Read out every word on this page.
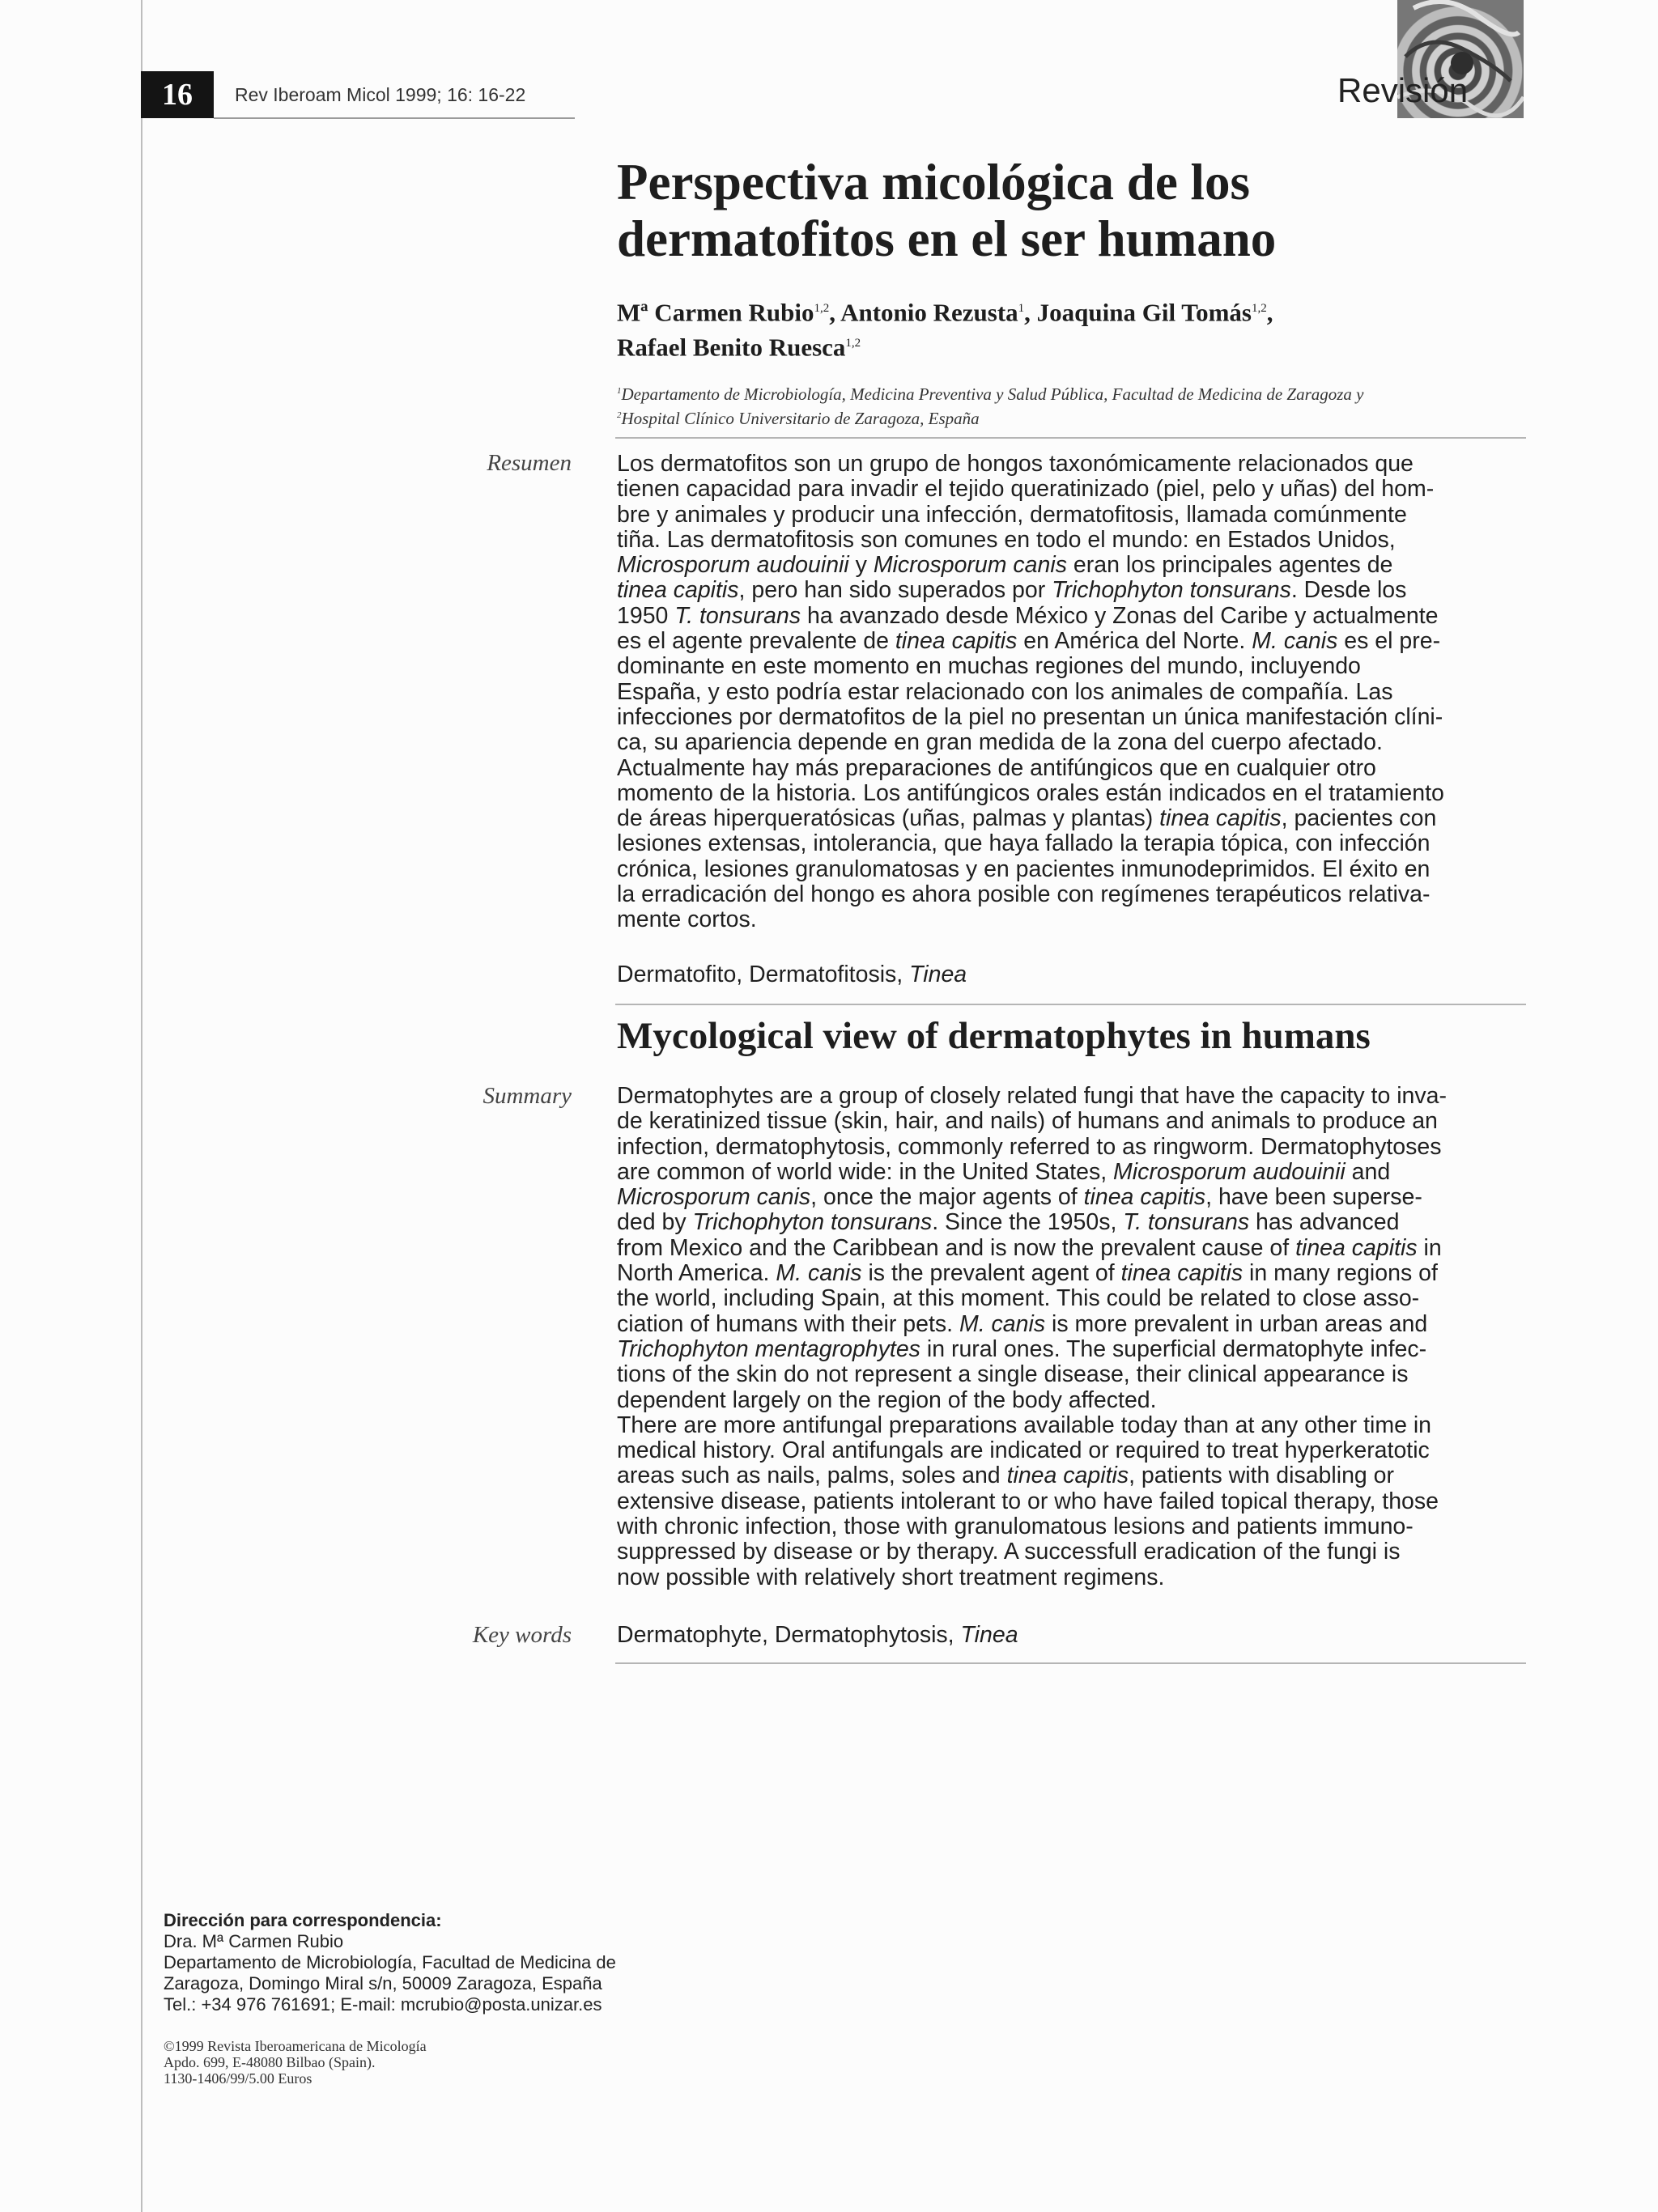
16	Rev Iberoam Micol 1999; 16: 16-22	Revisión
Perspectiva micológica de los
dermatofitos en el ser humano
Mª Carmen Rubio$^{1,2}$, Antonio Rezusta$^1$, Joaquina Gil Tomás$^{1,2}$,
Rafael Benito Ruesca$^{1,2}$
$^1$Departamento de Microbiología, Medicina Preventiva y Salud Pública, Facultad de Medicina de Zaragoza y
$^2$Hospital Clínico Universitario de Zaragoza, España
Resumen Los dermatofitos son un grupo de hongos taxonómicamente relacionados que
tienen capacidad para invadir el tejido queratinizado (piel, pelo y uñas) del hom-
bre y animales y producir una infección, dermatofitosis, llamada comúnmente
tiña. Las dermatofitosis son comunes en todo el mundo: en Estados Unidos,
Microsporum audouinii y Microsporum canis eran los principales agentes de
tinea capitis, pero han sido superados por Trichophyton tonsurans. Desde los
1950 T. tonsurans ha avanzado desde México y Zonas del Caribe y actualmente
es el agente prevalente de tinea capitis en América del Norte. M. canis es el pre-
dominante en este momento en muchas regiones del mundo, incluyendo
España, y esto podría estar relacionado con los animales de compañía. Las
infecciones por dermatofitos de la piel no presentan un única manifestación clíni-
ca, su apariencia depende en gran medida de la zona del cuerpo afectado.
Actualmente hay más preparaciones de antifúngicos que en cualquier otro
momento de la historia. Los antifúngicos orales están indicados en el tratamiento
de áreas hiperqueratósicas (uñas, palmas y plantas) tinea capitis, pacientes con
lesiones extensas, intolerancia, que haya fallado la terapia tópica, con infección
crónica, lesiones granulomatosas y en pacientes inmunodeprimidos. El éxito en
la erradicación del hongo es ahora posible con regímenes terapéuticos relativa-
mente cortos.
Dermatofito, Dermatofitosis, Tinea
Mycological view of dermatophytes in humans
Summary Dermatophytes are a group of closely related fungi that have the capacity to inva-
de keratinized tissue (skin, hair, and nails) of humans and animals to produce an
infection, dermatophytosis, commonly referred to as ringworm. Dermatophytoses
are common of world wide: in the United States, Microsporum audouinii and
Microsporum canis, once the major agents of tinea capitis, have been superse-
ded by Trichophyton tonsurans. Since the 1950s, T. tonsurans has advanced
from Mexico and the Caribbean and is now the prevalent cause of tinea capitis in
North America. M. canis is the prevalent agent of tinea capitis in many regions of
the world, including Spain, at this moment. This could be related to close asso-
ciation of humans with their pets. M. canis is more prevalent in urban areas and
Trichophyton mentagrophytes in rural ones. The superficial dermatophyte infec-
tions of the skin do not represent a single disease, their clinical appearance is
dependent largely on the region of the body affected.
There are more antifungal preparations available today than at any other time in
medical history. Oral antifungals are indicated or required to treat hyperkeratotic
areas such as nails, palms, soles and tinea capitis, patients with disabling or
extensive disease, patients intolerant to or who have failed topical therapy, those
with chronic infection, those with granulomatous lesions and patients immuno-
suppressed by disease or by therapy. A successfull eradication of the fungi is
now possible with relatively short treatment regimens.
Key words Dermatophyte, Dermatophytosis, Tinea
Dirección para correspondencia:
Dra. Mª Carmen Rubio
Departamento de Microbiología, Facultad de Medicina de
Zaragoza, Domingo Miral s/n, 50009 Zaragoza, España
Tel.: +34 976 761691; E-mail: mcrubio@posta.unizar.es
©1999 Revista Iberoamericana de Micología
Apdo. 699, E-48080 Bilbao (Spain).
1130-1406/99/5.00 Euros
